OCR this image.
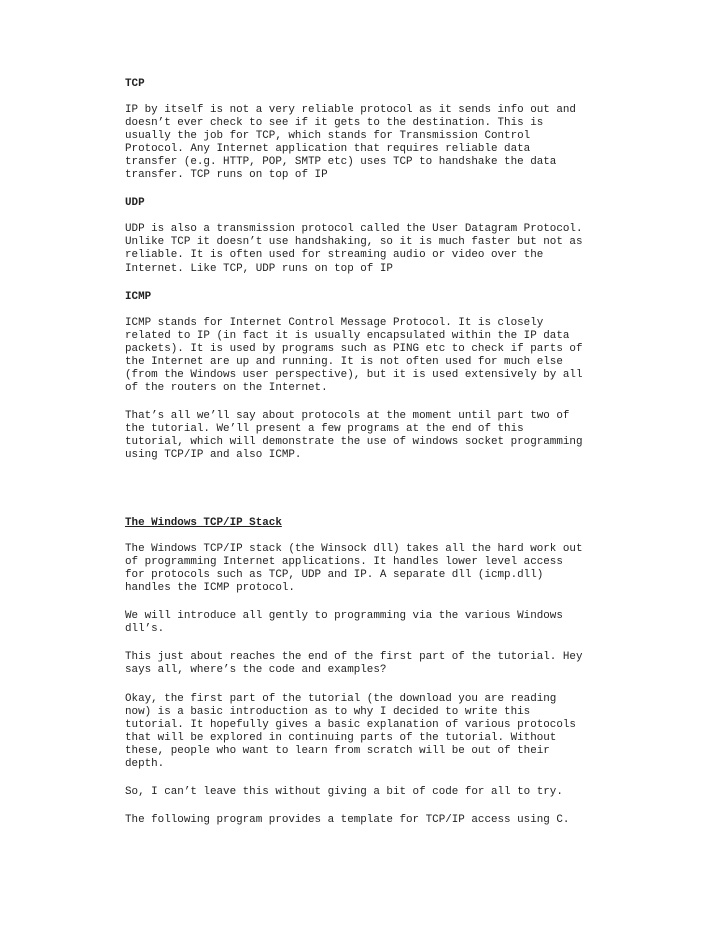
TCP
IP by itself is not a very reliable protocol as it sends info out and
doesn’t ever check to see if it gets to the destination. This is
usually the job for TCP, which stands for Transmission Control
Protocol. Any Internet application that requires reliable data
transfer (e.g. HTTP, POP, SMTP etc) uses TCP to handshake the data
transfer. TCP runs on top of IP
UDP
UDP is also a transmission protocol called the User Datagram Protocol.
Unlike TCP it doesn’t use handshaking, so it is much faster but not as
reliable. It is often used for streaming audio or video over the
Internet. Like TCP, UDP runs on top of IP
ICMP
ICMP stands for Internet Control Message Protocol. It is closely
related to IP (in fact it is usually encapsulated within the IP data
packets). It is used by programs such as PING etc to check if parts of
the Internet are up and running. It is not often used for much else
(from the Windows user perspective), but it is used extensively by all
of the routers on the Internet.
That’s all we’ll say about protocols at the moment until part two of
the tutorial. We’ll present a few programs at the end of this
tutorial, which will demonstrate the use of windows socket programming
using TCP/IP and also ICMP.
The Windows TCP/IP Stack
The Windows TCP/IP stack (the Winsock dll) takes all the hard work out
of programming Internet applications. It handles lower level access
for protocols such as TCP, UDP and IP. A separate dll (icmp.dll)
handles the ICMP protocol.
We will introduce all gently to programming via the various Windows
dll’s.
This just about reaches the end of the first part of the tutorial. Hey
says all, where’s the code and examples?
Okay, the first part of the tutorial (the download you are reading
now) is a basic introduction as to why I decided to write this
tutorial. It hopefully gives a basic explanation of various protocols
that will be explored in continuing parts of the tutorial. Without
these, people who want to learn from scratch will be out of their
depth.
So, I can’t leave this without giving a bit of code for all to try.
The following program provides a template for TCP/IP access using C.
